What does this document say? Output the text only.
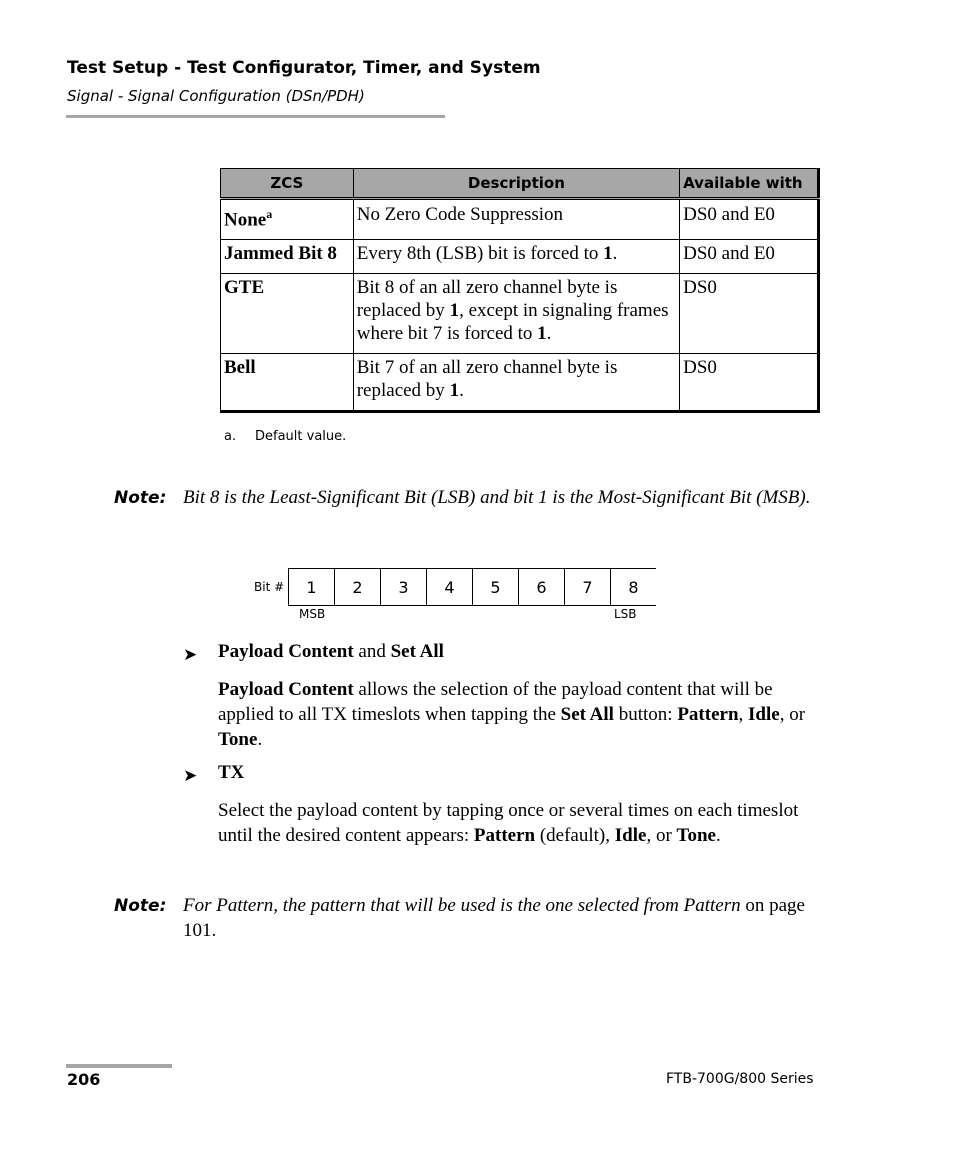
Test Setup - Test Configurator, Timer, and System
Signal - Signal Configuration (DSn/PDH)
ZCS	Description	Available with
None$^a$	No Zero Code Suppression	DS0 and E0
Jammed Bit 8	Every 8th (LSB) bit is forced to 1.	DS0 and E0
GTE	Bit 8 of an all zero channel byte is replaced by 1, except in signaling frames where bit 7 is forced to 1.	DS0
Bell	Bit 7 of an all zero channel byte is replaced by 1.	DS0
a. Default value.
Note: Bit 8 is the Least-Significant Bit (LSB) and bit 1 is the Most-Significant Bit (MSB).
Bit #	1	2	3	4	5	6	7	8
MSB	LSB
➤ Payload Content and Set All
Payload Content allows the selection of the payload content that will be applied to all TX timeslots when tapping the Set All button: Pattern, Idle, or Tone.
➤ TX
Select the payload content by tapping once or several times on each timeslot until the desired content appears: Pattern (default), Idle, or Tone.
Note: For Pattern, the pattern that will be used is the one selected from Pattern on page 101.
206	FTB-700G/800 Series
